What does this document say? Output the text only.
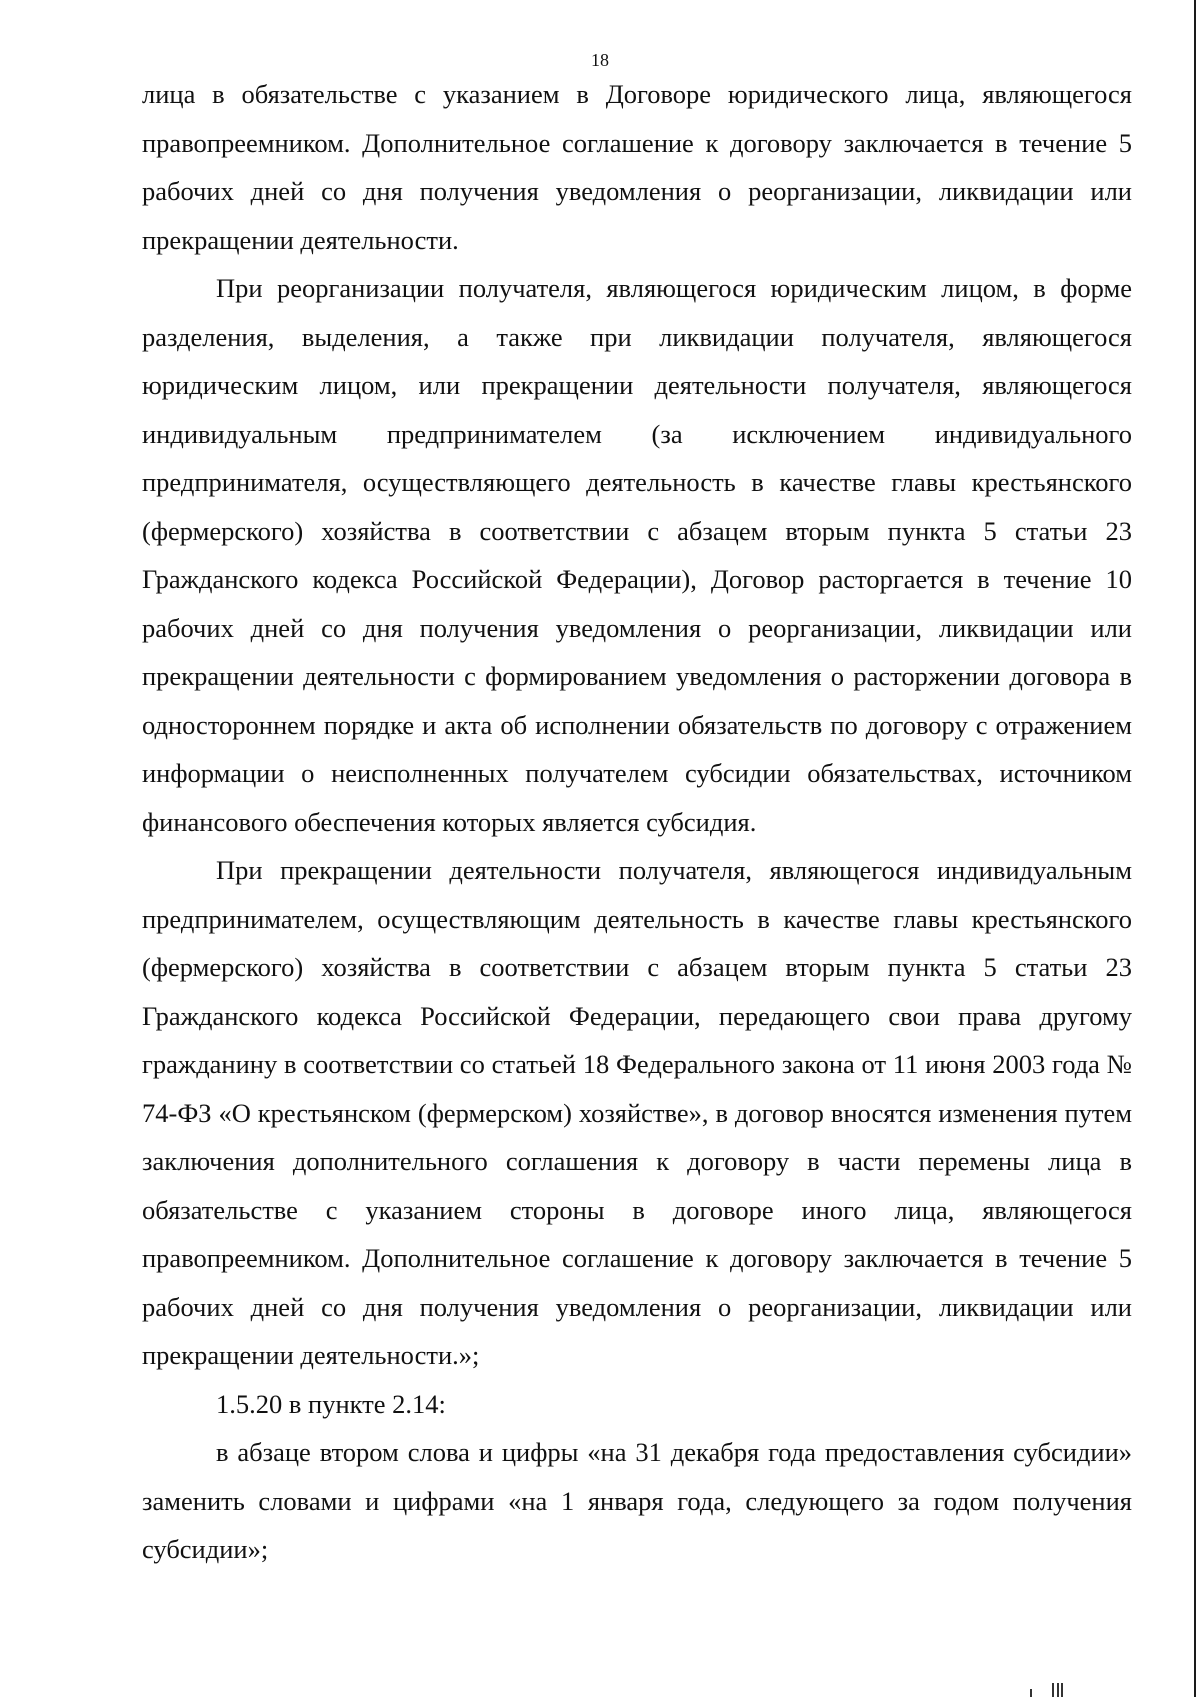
18

лица в обязательстве с указанием в Договоре юридического лица, являющегося правопреемником. Дополнительное соглашение к договору заключается в течение 5 рабочих дней со дня получения уведомления о реорганизации, ликвидации или прекращении деятельности.

При реорганизации получателя, являющегося юридическим лицом, в форме разделения, выделения, а также при ликвидации получателя, являющегося юридическим лицом, или прекращении деятельности получателя, являющегося индивидуальным предпринимателем (за исключением индивидуального предпринимателя, осуществляющего деятельность в качестве главы крестьянского (фермерского) хозяйства в соответствии с абзацем вторым пункта 5 статьи 23 Гражданского кодекса Российской Федерации), Договор расторгается в течение 10 рабочих дней со дня получения уведомления о реорганизации, ликвидации или прекращении деятельности с формированием уведомления о расторжении договора в одностороннем порядке и акта об исполнении обязательств по договору с отражением информации о неисполненных получателем субсидии обязательствах, источником финансового обеспечения которых является субсидия.

При прекращении деятельности получателя, являющегося индивидуальным предпринимателем, осуществляющим деятельность в качестве главы крестьянского (фермерского) хозяйства в соответствии с абзацем вторым пункта 5 статьи 23 Гражданского кодекса Российской Федерации, передающего свои права другому гражданину в соответствии со статьей 18 Федерального закона от 11 июня 2003 года № 74-ФЗ «О крестьянском (фермерском) хозяйстве», в договор вносятся изменения путем заключения дополнительного соглашения к договору в части перемены лица в обязательстве с указанием стороны в договоре иного лица, являющегося правопреемником. Дополнительное соглашение к договору заключается в течение 5 рабочих дней со дня получения уведомления о реорганизации, ликвидации или прекращении деятельности.»;

1.5.20 в пункте 2.14:

в абзаце втором слова и цифры «на 31 декабря года предоставления субсидии» заменить словами и цифрами «на 1 января года, следующего за годом получения субсидии»;
